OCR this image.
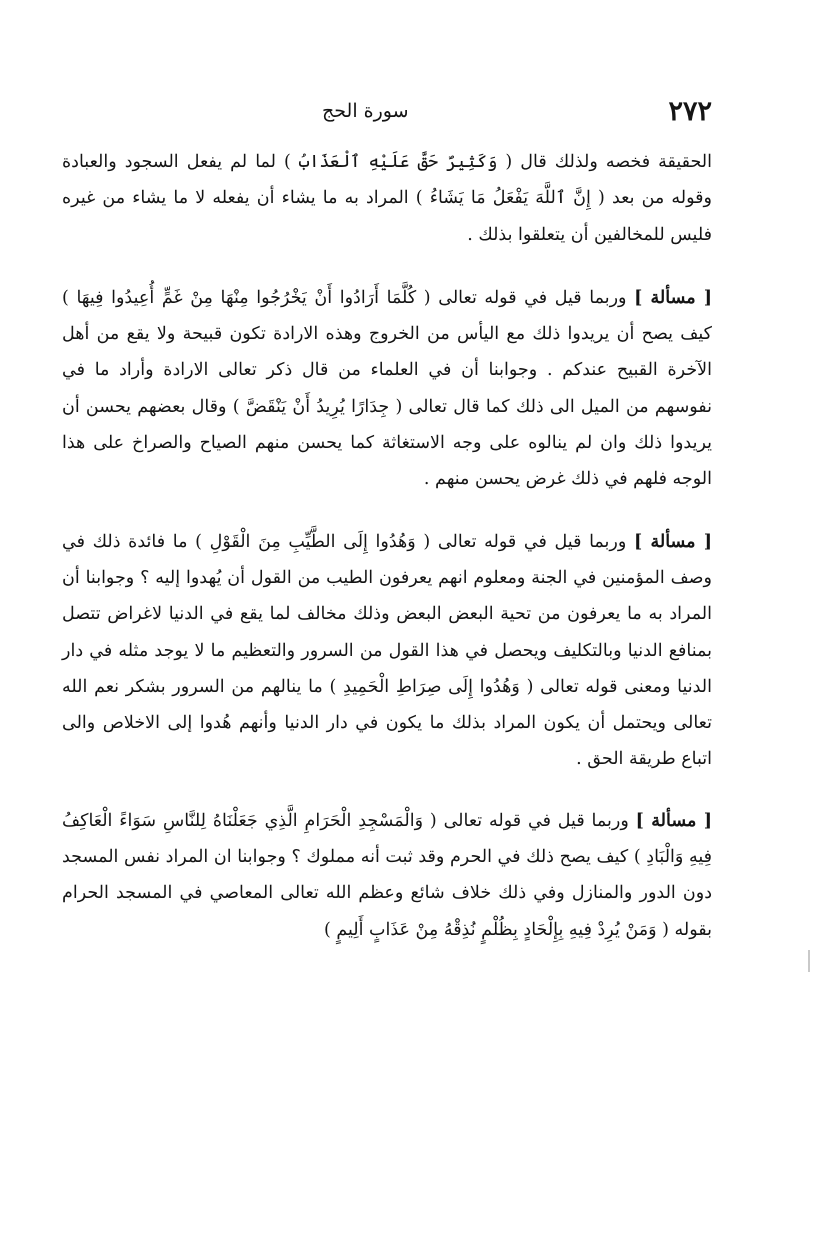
٢٧٢
سورة الحج

الحقيقة فخصه ولذلك قال ( وَكَثِيرٌ حَقَّ عَلَيْهِ ٱلْعَذَابُ ) لما لم يفعل السجود والعبادة وقوله من بعد ( إِنَّ ٱللَّهَ يَفْعَلُ مَا يَشَاءُ ) المراد به ما يشاء أن يفعله لا ما يشاء من غيره فليس للمخالفين أن يتعلقوا بذلك .

[ مسألة ] وربما قيل في قوله تعالى ( كُلَّمَا أَرَادُوا أَنْ يَخْرُجُوا مِنْهَا مِنْ غَمٍّ أُعِيدُوا فِيهَا ) كيف يصح أن يريدوا ذلك مع اليأس من الخروج وهذه الارادة تكون قبيحة ولا يقع من أهل الآخرة القبيح عندكم . وجوابنا أن في العلماء من قال ذكر تعالى الارادة وأراد ما في نفوسهم من الميل الى ذلك كما قال تعالى ( جِدَارًا يُرِيدُ أَنْ يَنْقَضَّ ) وقال بعضهم يحسن أن يريدوا ذلك وان لم ينالوه على وجه الاستغاثة كما يحسن منهم الصياح والصراخ على هذا الوجه فلهم في ذلك غرض يحسن منهم .

[ مسألة ] وربما قيل في قوله تعالى ( وَهُدُوا إِلَى الطَّيِّبِ مِنَ الْقَوْلِ ) ما فائدة ذلك في وصف المؤمنين في الجنة ومعلوم انهم يعرفون الطيب من القول أن يُهدوا إليه ؟ وجوابنا أن المراد به ما يعرفون من تحية البعض البعض وذلك مخالف لما يقع في الدنيا لاغراض تتصل بمنافع الدنيا وبالتكليف ويحصل في هذا القول من السرور والتعظيم ما لا يوجد مثله في دار الدنيا ومعنى قوله تعالى ( وَهُدُوا إِلَى صِرَاطِ الْحَمِيدِ ) ما ينالهم من السرور بشكر نعم الله تعالى ويحتمل أن يكون المراد بذلك ما يكون في دار الدنيا وأنهم هُدوا إلى الاخلاص والى اتباع طريقة الحق .

[ مسألة ] وربما قيل في قوله تعالى ( وَالْمَسْجِدِ الْحَرَامِ الَّذِي جَعَلْنَاهُ لِلنَّاسِ سَوَاءً الْعَاكِفُ فِيهِ وَالْبَادِ ) كيف يصح ذلك في الحرم وقد ثبت أنه مملوك ؟ وجوابنا ان المراد نفس المسجد دون الدور والمنازل وفي ذلك خلاف شائع وعظم الله تعالى المعاصي في المسجد الحرام بقوله ( وَمَنْ يُرِدْ فِيهِ بِإِلْحَادٍ بِظُلْمٍ نُذِقْهُ مِنْ عَذَابٍ أَلِيمٍ )
